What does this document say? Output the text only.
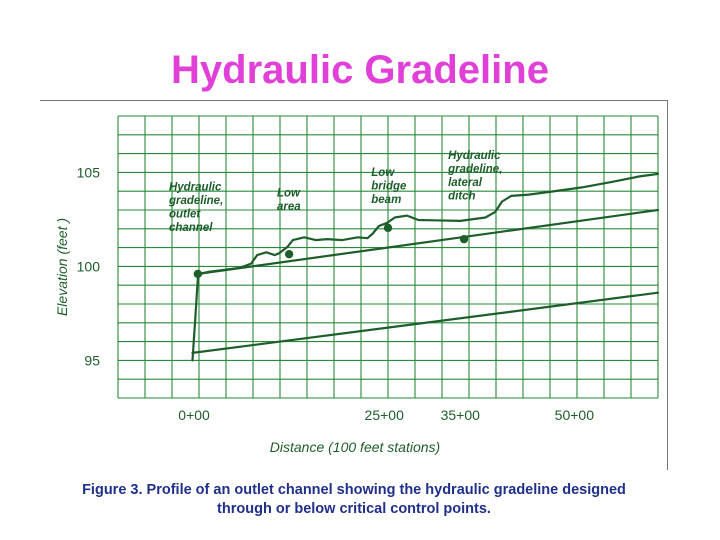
Hydraulic Gradeline
95
100
105
0+00	25+00	35+00	50+00
Hydraulic gradeline, outlet channel
Low area
Low bridge beam
Hydraulic gradeline, lateral ditch
Elevation (feet )
Distance (100 feet stations)
Figure 3. Profile of an outlet channel showing the hydraulic gradeline designed
through or below critical control points.
